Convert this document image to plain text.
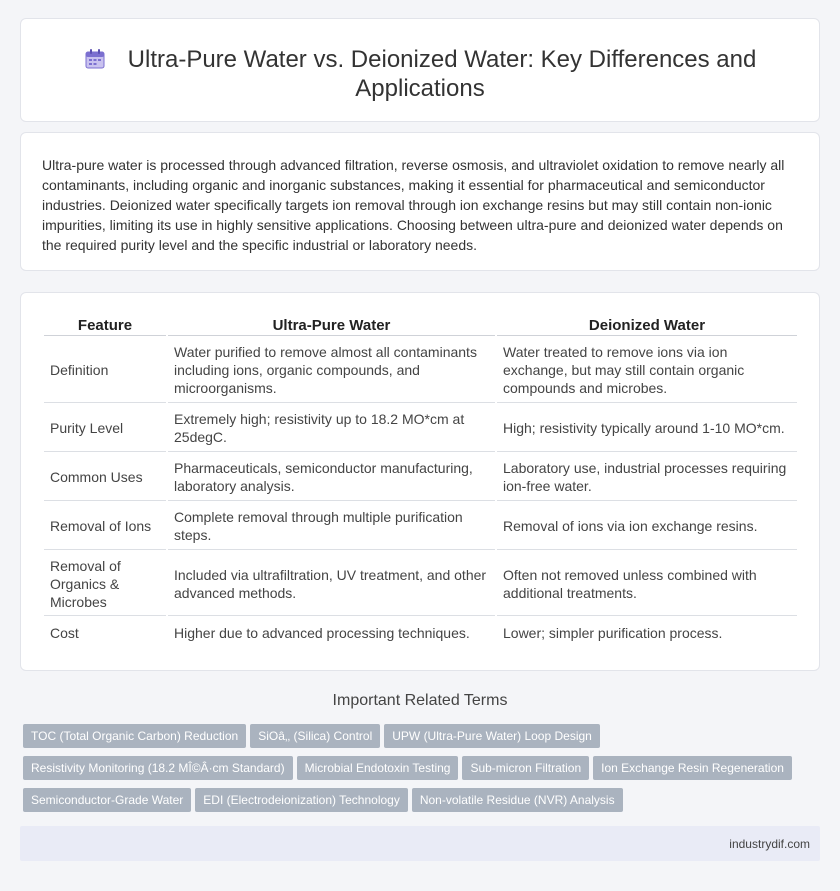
Ultra-Pure Water vs. Deionized Water: Key Differences and Applications

Ultra-pure water is processed through advanced filtration, reverse osmosis, and ultraviolet oxidation to remove nearly all contaminants, including organic and inorganic substances, making it essential for pharmaceutical and semiconductor industries. Deionized water specifically targets ion removal through ion exchange resins but may still contain non-ionic impurities, limiting its use in highly sensitive applications. Choosing between ultra-pure and deionized water depends on the required purity level and the specific industrial or laboratory needs.

Feature	Ultra-Pure Water	Deionized Water
Definition	Water purified to remove almost all contaminants including ions, organic compounds, and microorganisms.	Water treated to remove ions via ion exchange, but may still contain organic compounds and microbes.
Purity Level	Extremely high; resistivity up to 18.2 MO*cm at 25degC.	High; resistivity typically around 1-10 MO*cm.
Common Uses	Pharmaceuticals, semiconductor manufacturing, laboratory analysis.	Laboratory use, industrial processes requiring ion-free water.
Removal of Ions	Complete removal through multiple purification steps.	Removal of ions via ion exchange resins.
Removal of Organics & Microbes	Included via ultrafiltration, UV treatment, and other advanced methods.	Often not removed unless combined with additional treatments.
Cost	Higher due to advanced processing techniques.	Lower; simpler purification process.
Important Related Terms
TOC (Total Organic Carbon) Reduction SiOâ‚‚ (Silica) Control UPW (Ultra-Pure Water) Loop Design
Resistivity Monitoring (18.2 MÎ©Â·cm Standard) Microbial Endotoxin Testing Sub-micron Filtration Ion Exchange Resin Regeneration
Semiconductor-Grade Water EDI (Electrodeionization) Technology Non-volatile Residue (NVR) Analysis
industrydif.com
